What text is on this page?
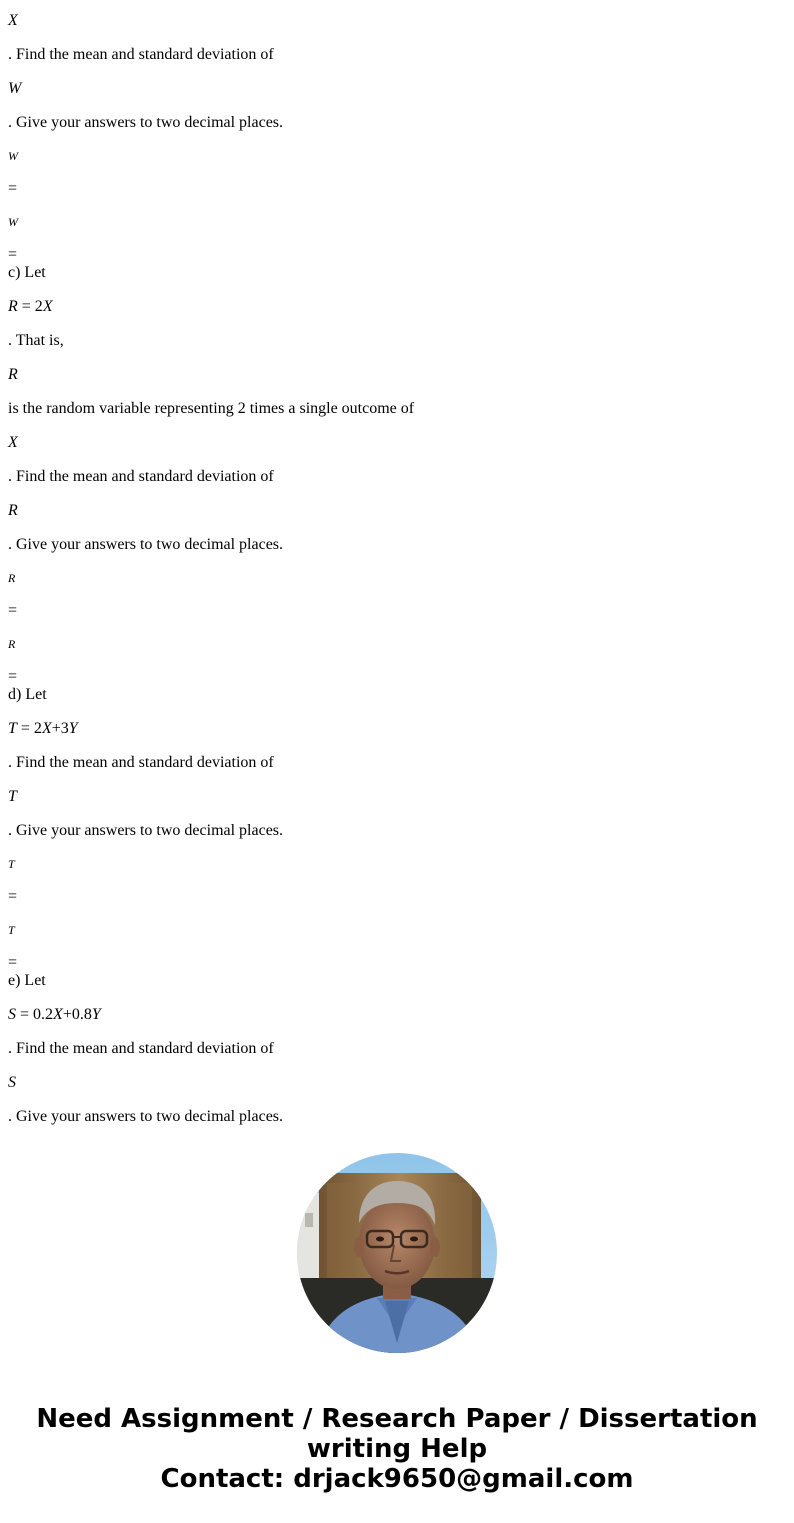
X
. Find the mean and standard deviation of
W
. Give your answers to two decimal places.
W
=
W
=
c) Let
R = 2X
. That is,
R
is the random variable representing 2 times a single outcome of
X
. Find the mean and standard deviation of
R
. Give your answers to two decimal places.
R
=
R
=
d) Let
T = 2X+3Y
. Find the mean and standard deviation of
T
. Give your answers to two decimal places.
T
=
T
=
e) Let
S = 0.2X+0.8Y
. Find the mean and standard deviation of
S
. Give your answers to two decimal places.
Need Assignment / Research Paper / Dissertation
writing Help
Contact: drjack9650@gmail.com
